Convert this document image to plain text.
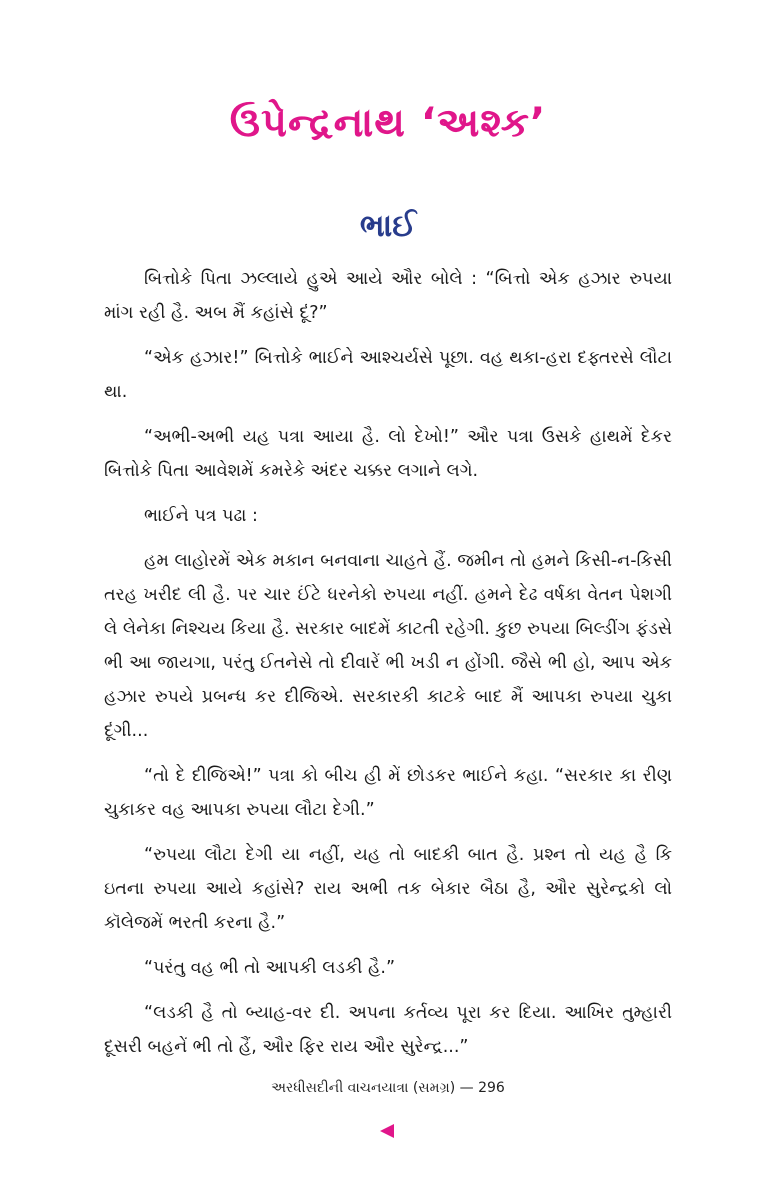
ઉપેન્દ્રનાથ ‘અશ્ક’
ભાઈ

બિત્તોકે પિતા ઝલ્લાયે હુએ આયે ઔર બોલે : “બિત્તો એક હઝાર રુપયા માંગ રહી હૈ. અબ મૈં કહાંસે દૂં?”

“એક હઝાર!” બિત્તોકે ભાઈને આશ્ચર્યસે પૂછા. વહ થકા-હરા દફ્તરસે લૌટા થા.

“અભી-અભી યહ પત્રા આયા હૈ. લો દેખો!” ઔર પત્રા ઉસકે હાથમેં દેકર બિત્તોકે પિતા આવેશમેં કમરેકે અંદર ચક્કર લગાને લગે.

ભાઈને પત્ર પઢા :

હમ લાહોરમેં એક મકાન બનવાના ચાહતે હૈં. જમીન તો હમને કિસી-ન-કિસી તરહ ખરીદ લી હૈ. પર ચાર ઈંટે ધરનેકો રુપયા નહીં. હમને દેઢ વર્ષકા વેતન પેશગી લે લેનેકા નિશ્ચય કિયા હૈ. સરકાર બાદમેં કાટતી રહેગી. કુછ રુપયા બિલ્ડીંગ ફંડસે ભી આ જાયગા, પરંતુ ઈતનેસે તો દીવારેં ભી ખડી ન હોંગી. જૈસે ભી હો, આપ એક હઝાર રુપયે પ્રબન્ધ કર દીજિએ. સરકારકી કાટકે બાદ મૈં આપકા રુપયા ચુકા દૂંગી...

“તો દે દીજિએ!” પત્રા કો બીચ હી મેં છોડકર ભાઈને કહા. “સરકાર કા રીણ ચુકાકર વહ આપકા રુપયા લૌટા દેગી.”

“રુપયા લૌટા દેગી યા નહીં, યહ તો બાદકી બાત હૈ. પ્રશ્ન તો યહ હૈ કિ ઇતના રુપયા આયે કહાંસે? રાય અભી તક બેકાર બૈઠા હૈ, ઔર સુરેન્દ્રકો લો કૉલેજમેં ભરતી કરના હૈ.”

“પરંતુ વહ ભી તો આપકી લડકી હૈ.”

“લડકી હૈ તો બ્યાહ-વર દી. અપના કર્તવ્ય પૂરા કર દિયા. આખિર તુમ્હારી દૂસરી બહનેં ભી તો હૈં, ઔર ફિર રાય ઔર સુરેન્દ્ર...”

અરધીસદીની વાચનયાત્રા (સમગ્ર) — 296
